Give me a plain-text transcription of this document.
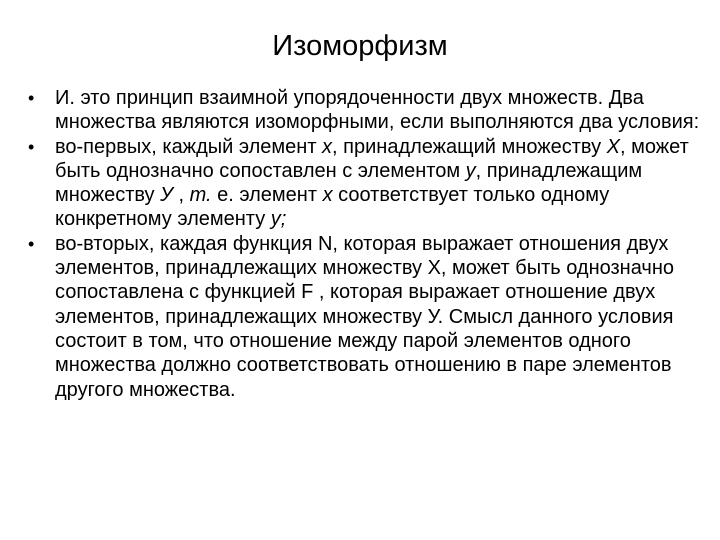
Изоморфизм
•	И. это принцип взаимной упорядоченности двух множеств. Два множества являются изоморфными, если выполняются два условия:
•	во-первых, каждый элемент х, принадлежащий множеству X, может быть однозначно сопоставлен с элементом у, принадлежащим множеству У , т. е. элемент х соответствует только одному конкретному элементу у;
•	во-вторых, каждая функция N, которая выражает отношения двух элементов, принадлежащих множеству Х, может быть однозначно сопоставлена с функцией F , которая выражает отношение двух элементов, принадлежащих множеству У. Смысл данного условия состоит в том, что отношение между парой элементов одного множества должно соответствовать отношению в паре элементов другого множества.
